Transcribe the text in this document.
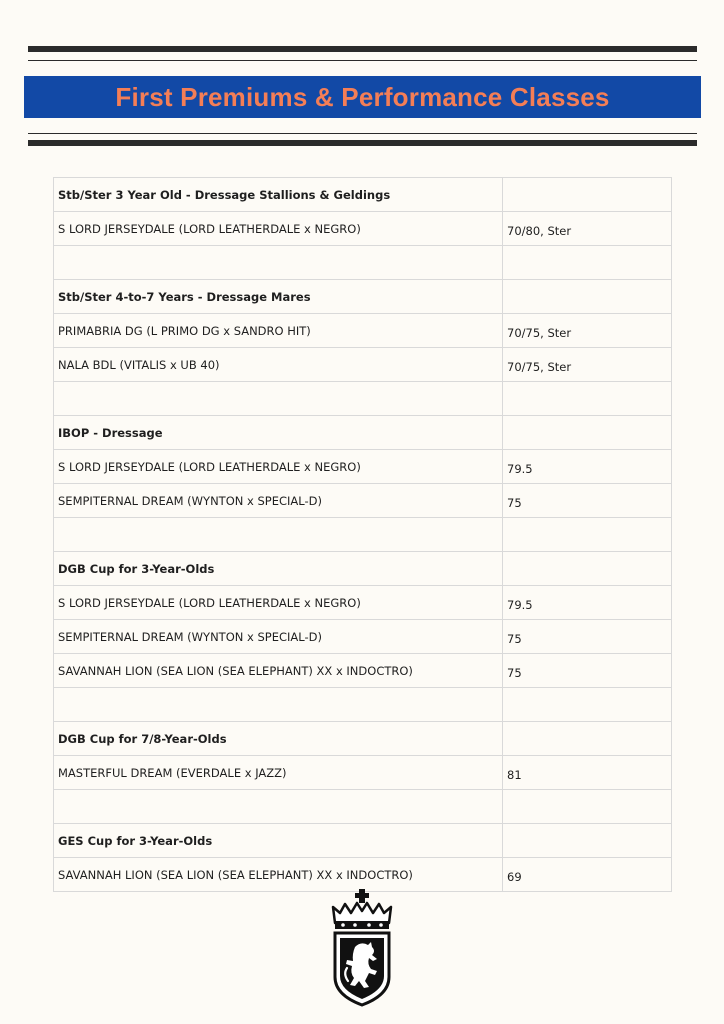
First Premiums & Performance Classes
Stb/Ster 3 Year Old - Dressage Stallions & Geldings	
S LORD JERSEYDALE (LORD LEATHERDALE x NEGRO)	70/80, Ster

Stb/Ster 4-to-7 Years - Dressage Mares	
PRIMABRIA DG (L PRIMO DG x SANDRO HIT)	70/75, Ster
NALA BDL (VITALIS x UB 40)	70/75, Ster

IBOP - Dressage	
S LORD JERSEYDALE (LORD LEATHERDALE x NEGRO)	79.5
SEMPITERNAL DREAM (WYNTON x SPECIAL-D)	75

DGB Cup for 3-Year-Olds	
S LORD JERSEYDALE (LORD LEATHERDALE x NEGRO)	79.5
SEMPITERNAL DREAM (WYNTON x SPECIAL-D)	75
SAVANNAH LION (SEA LION (SEA ELEPHANT) XX x INDOCTRO)	75

DGB Cup for 7/8-Year-Olds	
MASTERFUL DREAM (EVERDALE x JAZZ)	81

GES Cup for 3-Year-Olds	
SAVANNAH LION (SEA LION (SEA ELEPHANT) XX x INDOCTRO)	69
